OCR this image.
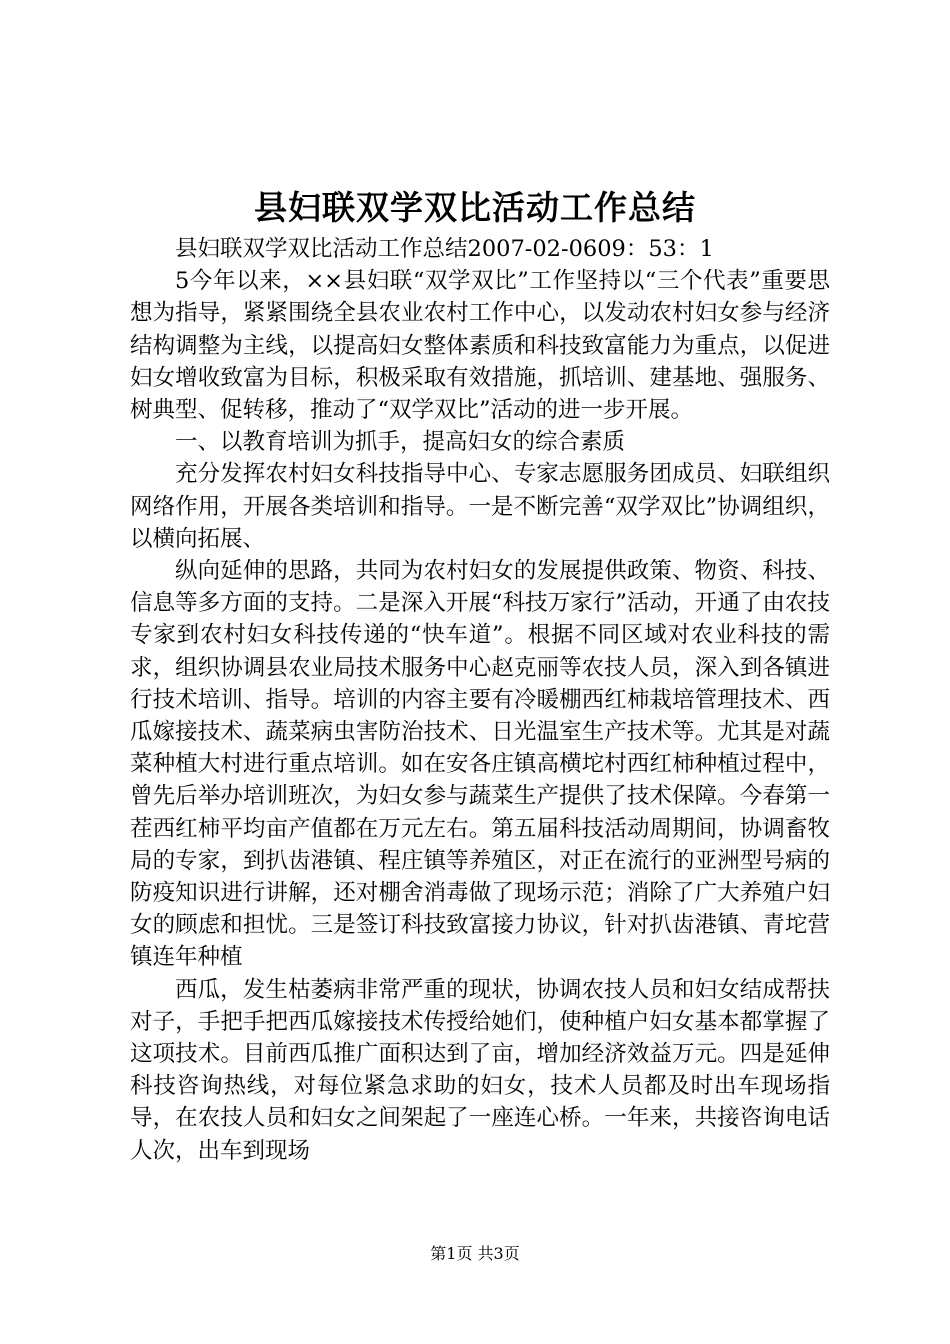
县妇联双学双比活动工作总结

县妇联双学双比活动工作总结2007-02-0609：53：1

5今年以来，××县妇联“双学双比”工作坚持以“三个代表”重要思想为指导，紧紧围绕全县农业农村工作中心，以发动农村妇女参与经济结构调整为主线，以提高妇女整体素质和科技致富能力为重点，以促进妇女增收致富为目标，积极采取有效措施，抓培训、建基地、强服务、树典型、促转移，推动了“双学双比”活动的进一步开展。

一、以教育培训为抓手，提高妇女的综合素质

充分发挥农村妇女科技指导中心、专家志愿服务团成员、妇联组织网络作用，开展各类培训和指导。一是不断完善“双学双比”协调组织，以横向拓展、

纵向延伸的思路，共同为农村妇女的发展提供政策、物资、科技、信息等多方面的支持。二是深入开展“科技万家行”活动，开通了由农技专家到农村妇女科技传递的“快车道”。根据不同区域对农业科技的需求，组织协调县农业局技术服务中心赵克丽等农技人员，深入到各镇进行技术培训、指导。培训的内容主要有冷暖棚西红柿栽培管理技术、西瓜嫁接技术、蔬菜病虫害防治技术、日光温室生产技术等。尤其是对蔬菜种植大村进行重点培训。如在安各庄镇高横坨村西红柿种植过程中，曾先后举办培训班次，为妇女参与蔬菜生产提供了技术保障。今春第一茬西红柿平均亩产值都在万元左右。第五届科技活动周期间，协调畜牧局的专家，到扒齿港镇、程庄镇等养殖区，对正在流行的亚洲型号病的防疫知识进行讲解，还对棚舍消毒做了现场示范；消除了广大养殖户妇女的顾虑和担忧。三是签订科技致富接力协议，针对扒齿港镇、青坨营镇连年种植

西瓜，发生枯萎病非常严重的现状，协调农技人员和妇女结成帮扶对子，手把手把西瓜嫁接技术传授给她们，使种植户妇女基本都掌握了这项技术。目前西瓜推广面积达到了亩，增加经济效益万元。四是延伸科技咨询热线，对每位紧急求助的妇女，技术人员都及时出车现场指导，在农技人员和妇女之间架起了一座连心桥。一年来，共接咨询电话人次，出车到现场

第1页 共3页
